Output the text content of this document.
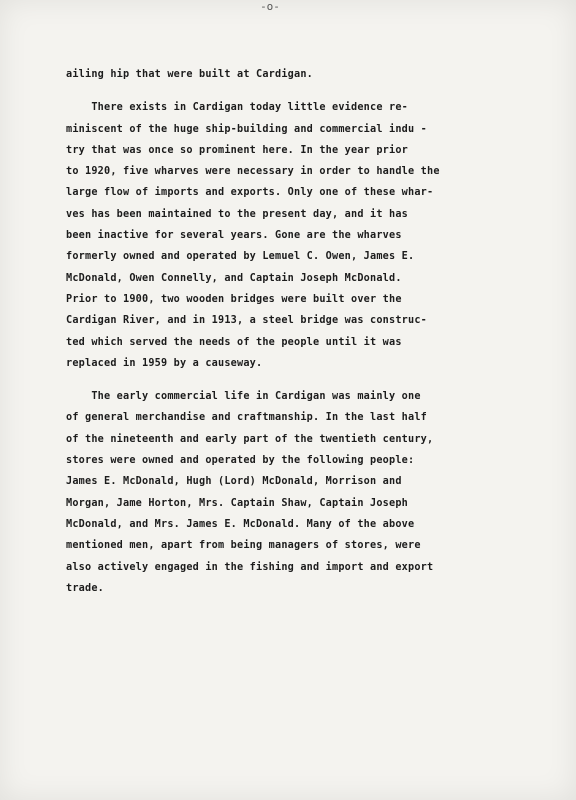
-o-
ailing hip that were built at Cardigan.
There exists in Cardigan today little evidence re-
miniscent of the huge ship-building and commercial indu -
try that was once so prominent here. In the year prior
to 1920, five wharves were necessary in order to handle the
large flow of imports and exports. Only one of these whar-
ves has been maintained to the present day, and it has
been inactive for several years. Gone are the wharves
formerly owned and operated by Lemuel C. Owen, James E.
McDonald, Owen Connelly, and Captain Joseph McDonald.
Prior to 1900, two wooden bridges were built over the
Cardigan River, and in 1913, a steel bridge was construc-
ted which served the needs of the people until it was
replaced in 1959 by a causeway.
The early commercial life in Cardigan was mainly one
of general merchandise and craftmanship. In the last half
of the nineteenth and early part of the twentieth century,
stores were owned and operated by the following people:
James E. McDonald, Hugh (Lord) McDonald, Morrison and
Morgan, Jame Horton, Mrs. Captain Shaw, Captain Joseph
McDonald, and Mrs. James E. McDonald. Many of the above
mentioned men, apart from being managers of stores, were
also actively engaged in the fishing and import and export
trade.
